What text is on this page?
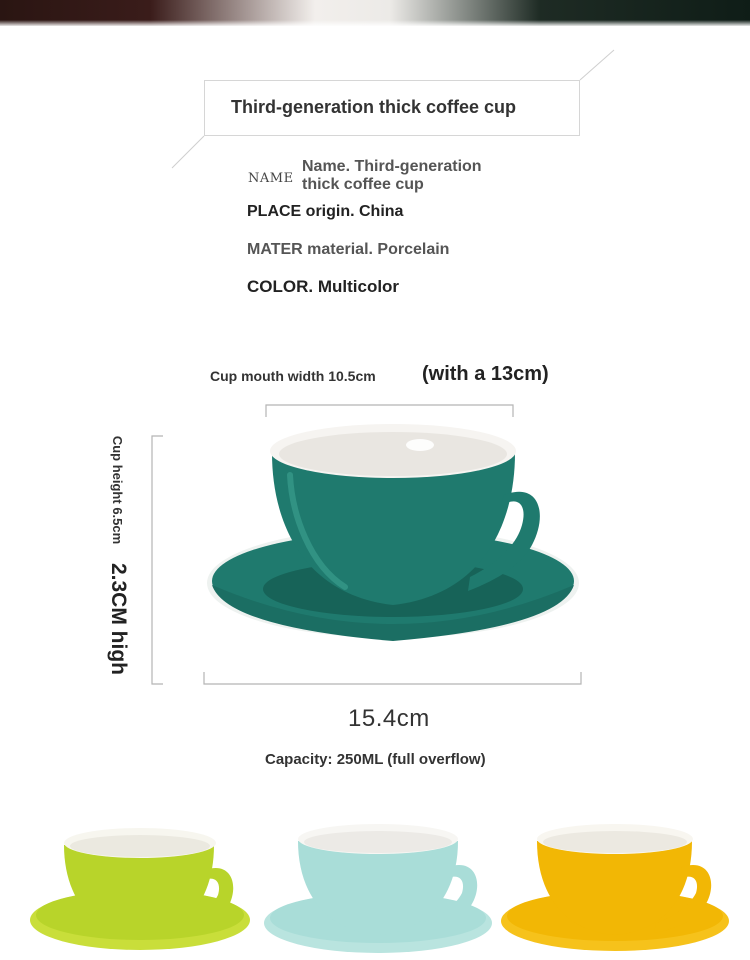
Third-generation thick coffee cup
NAME
Name. Third-generation
thick coffee cup
PLACE origin. China
MATER material. Porcelain
COLOR. Multicolor
Cup mouth width 10.5cm (with a 13cm)
Cup height 6.5cm
2.3CM high
15.4cm
Capacity: 250ML (full overflow)
